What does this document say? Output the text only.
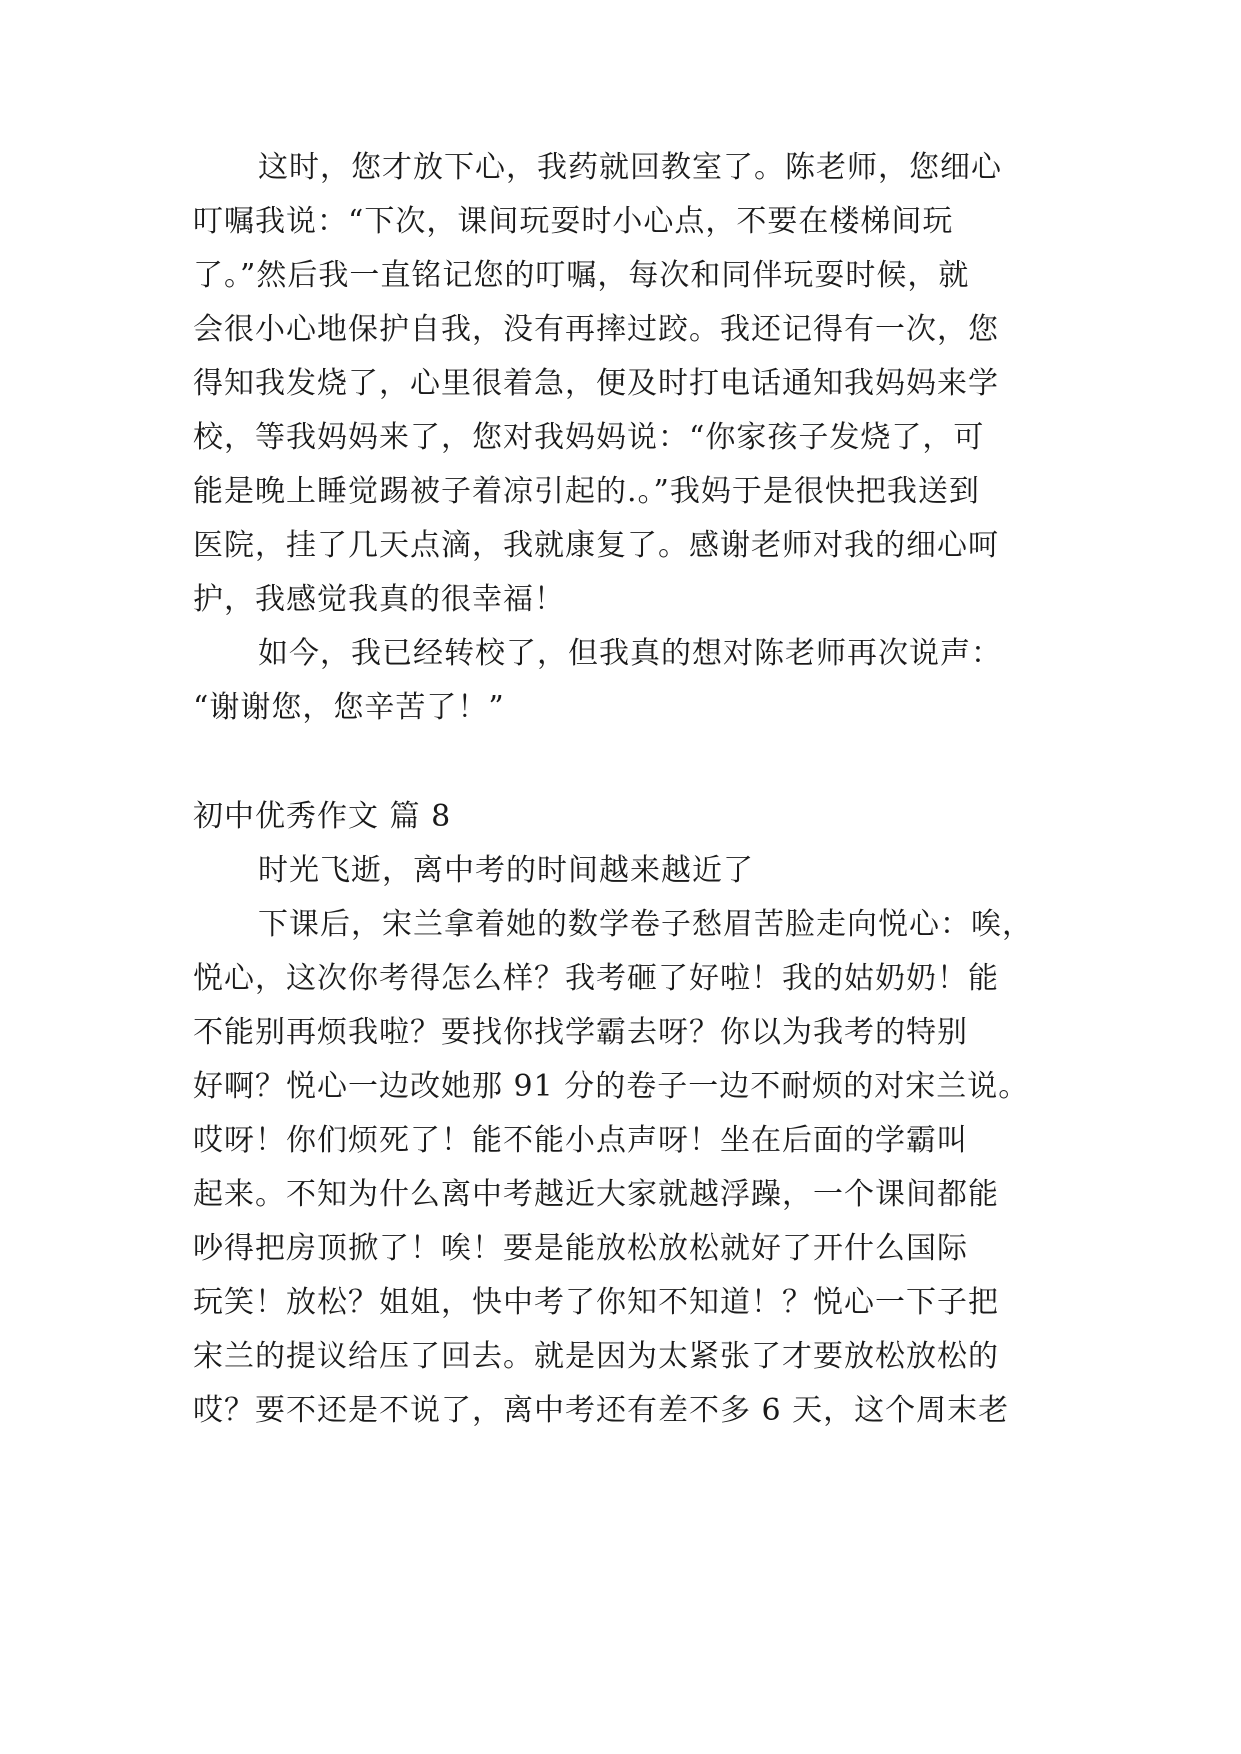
这时，您才放下心，我药就回教室了。陈老师，您细心
叮嘱我说：“下次，课间玩耍时小心点，不要在楼梯间玩
了。”然后我一直铭记您的叮嘱，每次和同伴玩耍时候，就
会很小心地保护自我，没有再摔过跤。我还记得有一次，您
得知我发烧了，心里很着急，便及时打电话通知我妈妈来学
校，等我妈妈来了，您对我妈妈说：“你家孩子发烧了，可
能是晚上睡觉踢被子着凉引起的.。”我妈于是很快把我送到
医院，挂了几天点滴，我就康复了。感谢老师对我的细心呵
护，我感觉我真的很幸福！
如今，我已经转校了，但我真的想对陈老师再次说声：
“谢谢您，您辛苦了！”
初中优秀作文 篇 8
时光飞逝，离中考的时间越来越近了
下课后，宋兰拿着她的数学卷子愁眉苦脸走向悦心：唉，
悦心，这次你考得怎么样？我考砸了好啦！我的姑奶奶！能
不能别再烦我啦？要找你找学霸去呀？你以为我考的特别
好啊？悦心一边改她那 91 分的卷子一边不耐烦的对宋兰说。
哎呀！你们烦死了！能不能小点声呀！坐在后面的学霸叫
起来。不知为什么离中考越近大家就越浮躁，一个课间都能
吵得把房顶掀了！唉！要是能放松放松就好了开什么国际
玩笑！放松？姐姐，快中考了你知不知道！？悦心一下子把
宋兰的提议给压了回去。就是因为太紧张了才要放松放松的
哎？要不还是不说了，离中考还有差不多 6 天，这个周末老
